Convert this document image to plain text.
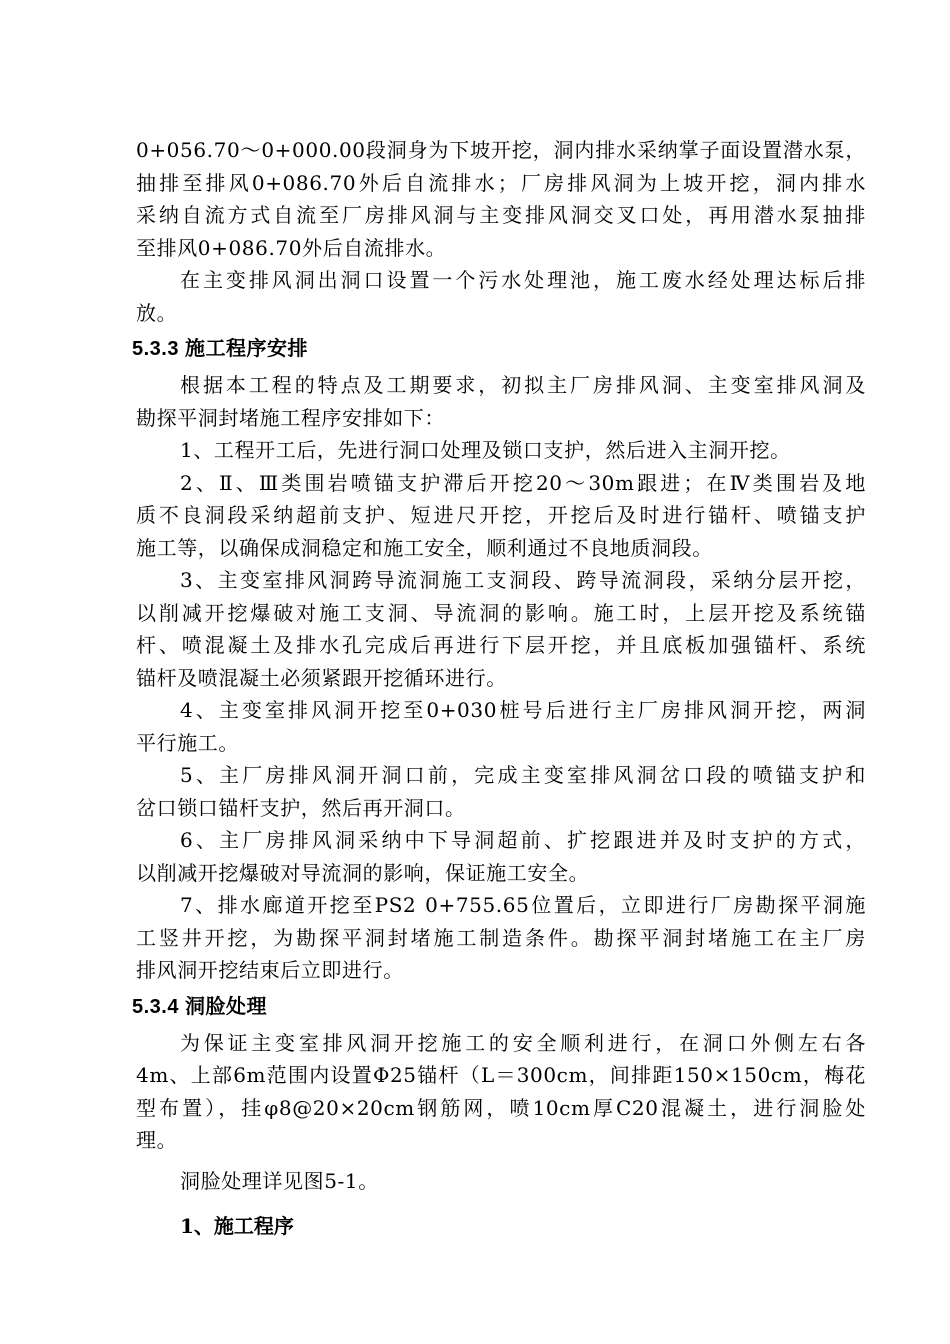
0+056.70～0+000.00段洞身为下坡开挖，洞内排水采纳掌子面设置潜水泵，
抽排至排风0+086.70外后自流排水；厂房排风洞为上坡开挖，洞内排水
采纳自流方式自流至厂房排风洞与主变排风洞交叉口处，再用潜水泵抽排
至排风0+086.70外后自流排水。
在主变排风洞出洞口设置一个污水处理池，施工废水经处理达标后排
放。
5.3.3 施工程序安排
根据本工程的特点及工期要求，初拟主厂房排风洞、主变室排风洞及
勘探平洞封堵施工程序安排如下：
1、工程开工后，先进行洞口处理及锁口支护，然后进入主洞开挖。
2、Ⅱ、Ⅲ类围岩喷锚支护滞后开挖20～30m跟进；在Ⅳ类围岩及地
质不良洞段采纳超前支护、短进尺开挖，开挖后及时进行锚杆、喷锚支护
施工等，以确保成洞稳定和施工安全，顺利通过不良地质洞段。
3、主变室排风洞跨导流洞施工支洞段、跨导流洞段，采纳分层开挖，
以削减开挖爆破对施工支洞、导流洞的影响。施工时，上层开挖及系统锚
杆、喷混凝土及排水孔完成后再进行下层开挖，并且底板加强锚杆、系统
锚杆及喷混凝土必须紧跟开挖循环进行。
4、主变室排风洞开挖至0+030桩号后进行主厂房排风洞开挖，两洞
平行施工。
5、主厂房排风洞开洞口前，完成主变室排风洞岔口段的喷锚支护和
岔口锁口锚杆支护，然后再开洞口。
6、主厂房排风洞采纳中下导洞超前、扩挖跟进并及时支护的方式，
以削减开挖爆破对导流洞的影响，保证施工安全。
7、排水廊道开挖至PS2 0+755.65位置后，立即进行厂房勘探平洞施
工竖井开挖，为勘探平洞封堵施工制造条件。勘探平洞封堵施工在主厂房
排风洞开挖结束后立即进行。
5.3.4 洞脸处理
为保证主变室排风洞开挖施工的安全顺利进行，在洞口外侧左右各
4m、上部6m范围内设置Φ25锚杆（L＝300cm，间排距150×150cm，梅花
型布置），挂φ8@20×20cm钢筋网，喷10cm厚C20混凝土，进行洞脸处
理。
洞脸处理详见图5-1。
1、施工程序
